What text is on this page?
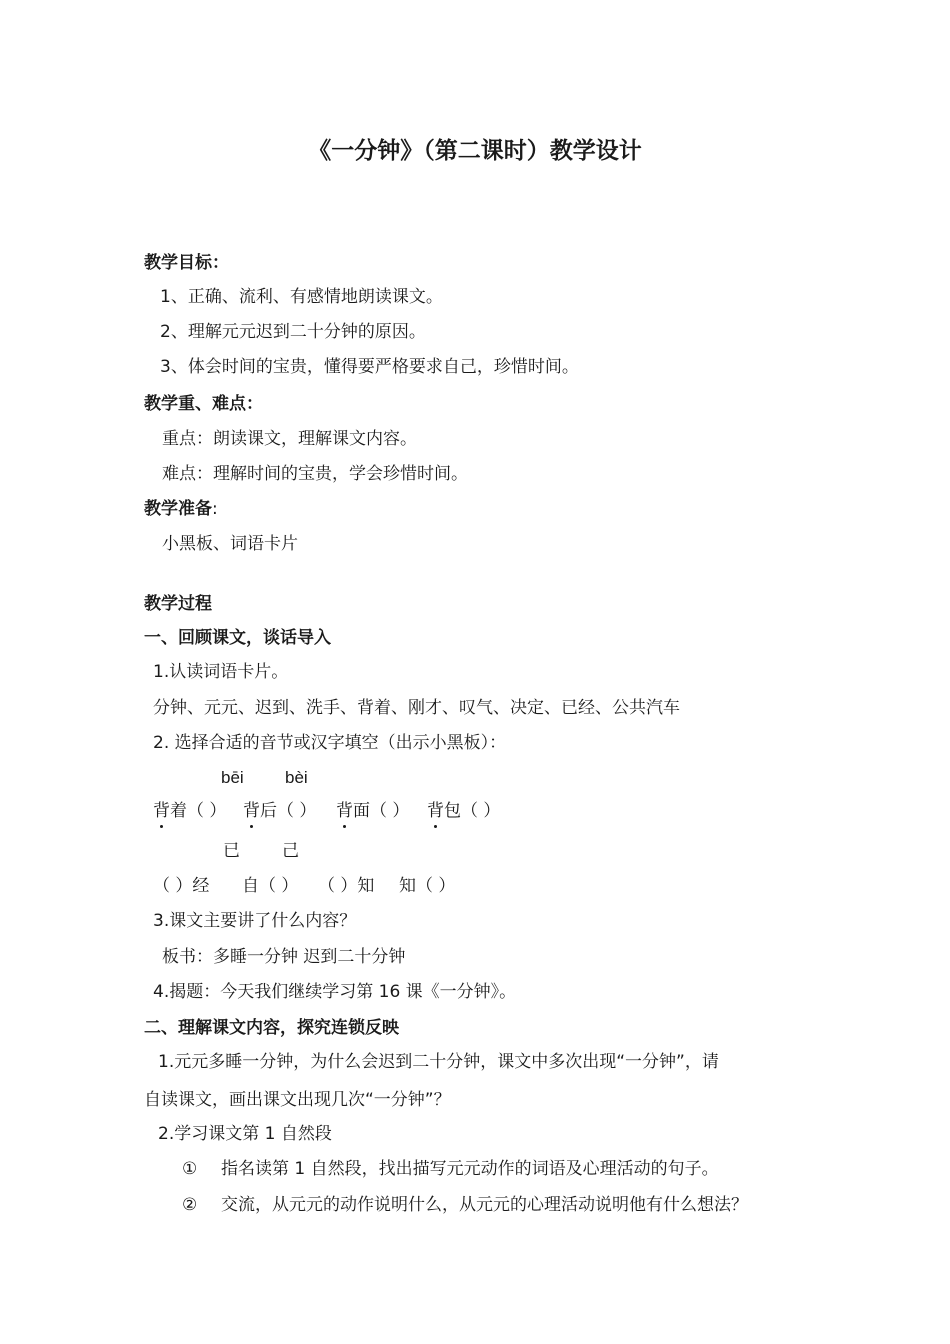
《一分钟》（第二课时）教学设计
教学目标：
1、正确、流利、有感情地朗读课文。
2、理解元元迟到二十分钟的原因。
3、体会时间的宝贵，懂得要严格要求自己，珍惜时间。
教学重、难点：
重点：朗读课文，理解课文内容。
难点：理解时间的宝贵，学会珍惜时间。
教学准备:
小黑板、词语卡片
教学过程
一、回顾课文，谈话导入
1.认读词语卡片。
分钟、元元、迟到、洗手、背着、刚才、叹气、决定、已经、公共汽车
2. 选择合适的音节或汉字填空（出示小黑板）：
bēi bèi
背着（ ） 背后（ ） 背面（ ） 背包（ ）
已 己
（ ）经 自（ ） （ ）知 知（ ）
3.课文主要讲了什么内容？
板书：多睡一分钟 迟到二十分钟
4.揭题：今天我们继续学习第 16 课《一分钟》。
二、理解课文内容，探究连锁反映
1.元元多睡一分钟，为什么会迟到二十分钟，课文中多次出现“一分钟”，请
自读课文，画出课文出现几次“一分钟”？
2.学习课文第 1 自然段
① 指名读第 1 自然段，找出描写元元动作的词语及心理活动的句子。
② 交流，从元元的动作说明什么，从元元的心理活动说明他有什么想法？
